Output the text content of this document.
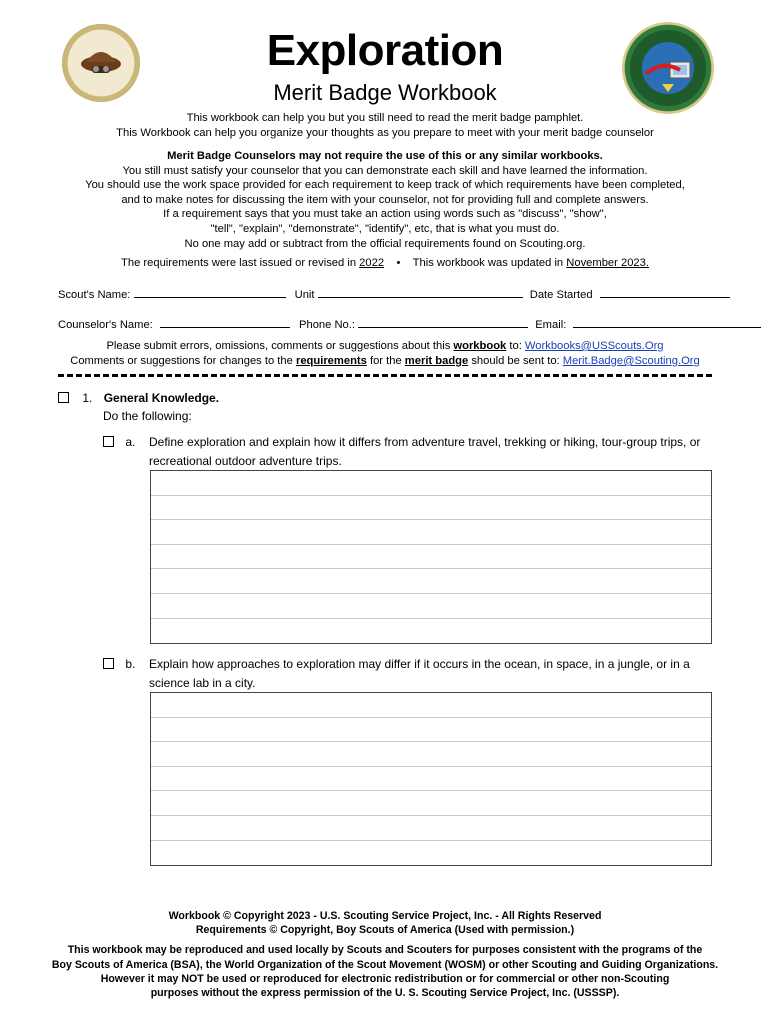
Exploration
Merit Badge Workbook

This workbook can help you but you still need to read the merit badge pamphlet.

This Workbook can help you organize your thoughts as you prepare to meet with your merit badge counselor

Merit Badge Counselors may not require the use of this or any similar workbooks.

You still must satisfy your counselor that you can demonstrate each skill and have learned the information.

You should use the work space provided for each requirement to keep track of which requirements have been completed,

and to make notes for discussing the item with your counselor, not for providing full and complete answers.

If a requirement says that you must take an action using words such as "discuss", "show",

"tell", "explain", "demonstrate", "identify", etc, that is what you must do.

No one may add or subtract from the official requirements found on Scouting.org.

The requirements were last issued or revised in 2022 • This workbook was updated in November 2023.

Scout's Name:	Unit	Date Started
Counselor's Name:	Phone No.:	Email:

Please submit errors, omissions, comments or suggestions about this workbook to: Workbooks@USScouts.Org

Comments or suggestions for changes to the requirements for the merit badge should be sent to: Merit.Badge@Scouting.Org

1. General Knowledge.
Do the following:
a.	Define exploration and explain how it differs from adventure travel, trekking or hiking, tour-group trips, or
recreational outdoor adventure trips.
b.	Explain how approaches to exploration may differ if it occurs in the ocean, in space, in a jungle, or in a
science lab in a city.

Workbook © Copyright 2023 - U.S. Scouting Service Project, Inc. - All Rights Reserved

Requirements © Copyright, Boy Scouts of America (Used with permission.)

This workbook may be reproduced and used locally by Scouts and Scouters for purposes consistent with the programs of the

Boy Scouts of America (BSA), the World Organization of the Scout Movement (WOSM) or other Scouting and Guiding Organizations.

However it may NOT be used or reproduced for electronic redistribution or for commercial or other non-Scouting

purposes without the express permission of the U. S. Scouting Service Project, Inc. (USSSP).
